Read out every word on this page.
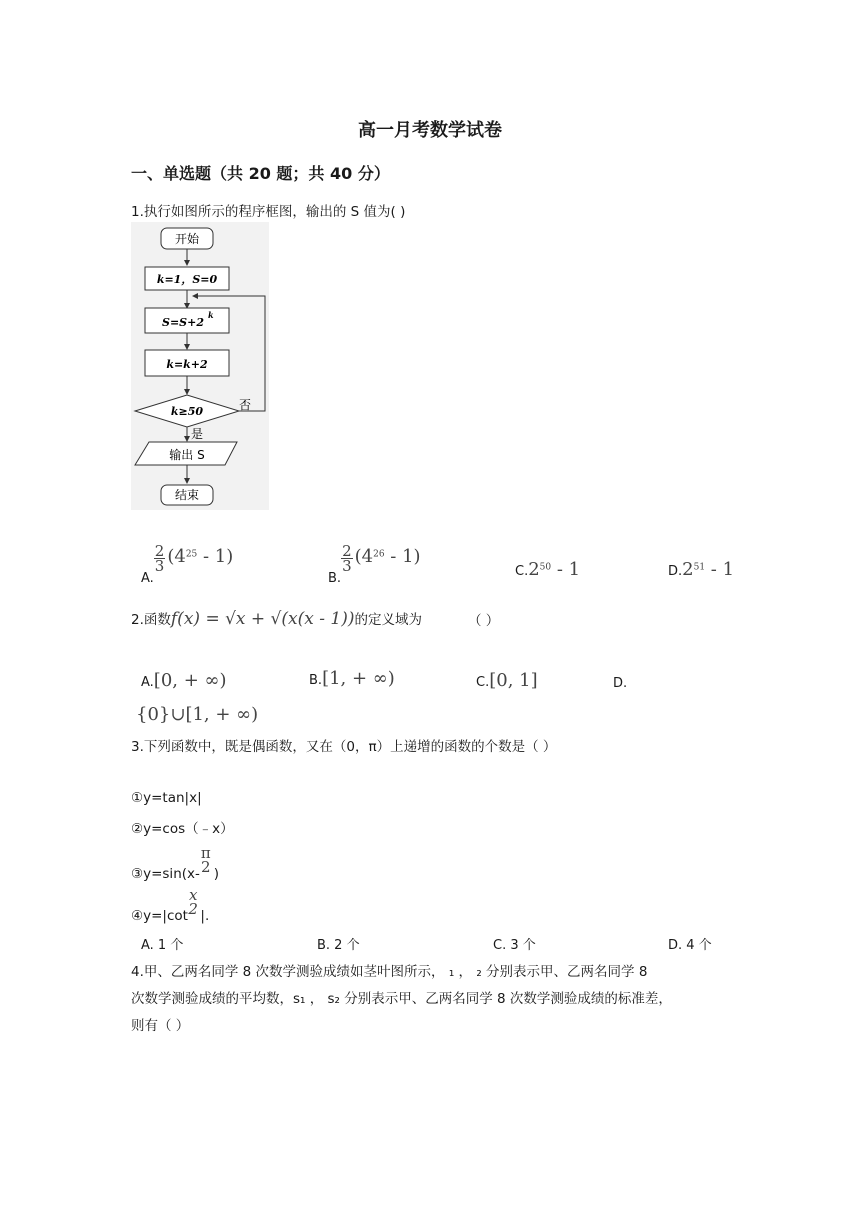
高一月考数学试卷
一、单选题（共 20 题；共 40 分）
1.执行如图所示的程序框图，输出的 S 值为( )
开始
k=1，S=0
S=S+2
k
k=k+2
k≥50	否
是
输出 S
结束
A.
$\frac{2}{3} (4^{25} - 1)$
B.
$\frac{2}{3} (4^{26} - 1)$
$C.2^{50} - 1$	$D.2^{51} - 1$
2.函数f(x) = √x + √(x(x - 1))的定义域为	（ ）
A.[0, + ∞)	B.[1, + ∞)	C.[0, 1]	D.
{0}∪[1, + ∞)
3.下列函数中，既是偶函数，又在（0，π）上递增的函数的个数是（ ）
①y=tan|x|
②y=cos（﹣x）
③y=sin(x-
π
2 )
④y=|cot
x
2 |.
A. 1 个	B. 2 个	C. 3 个	D. 4 个
4.甲、乙两名同学 8 次数学测验成绩如茎叶图所示， ₁ ， ₂ 分别表示甲、乙两名同学 8
次数学测验成绩的平均数，s₁ ， s₂ 分别表示甲、乙两名同学 8 次数学测验成绩的标准差，
则有（ ）
